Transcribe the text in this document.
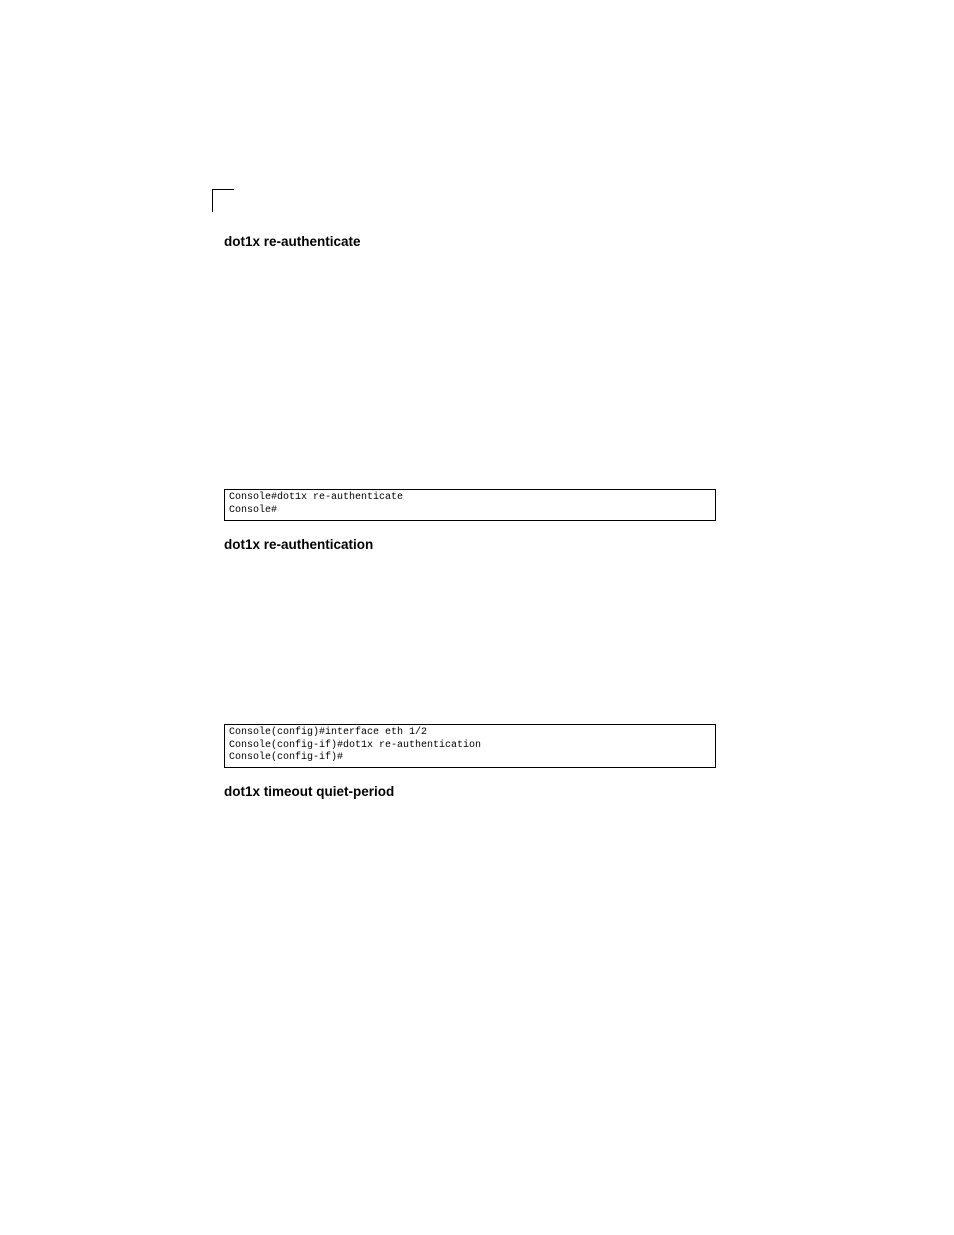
dot1x re-authenticate
Console#dot1x re-authenticate
Console#
dot1x re-authentication
Console(config)#interface eth 1/2
Console(config-if)#dot1x re-authentication
Console(config-if)#
dot1x timeout quiet-period
